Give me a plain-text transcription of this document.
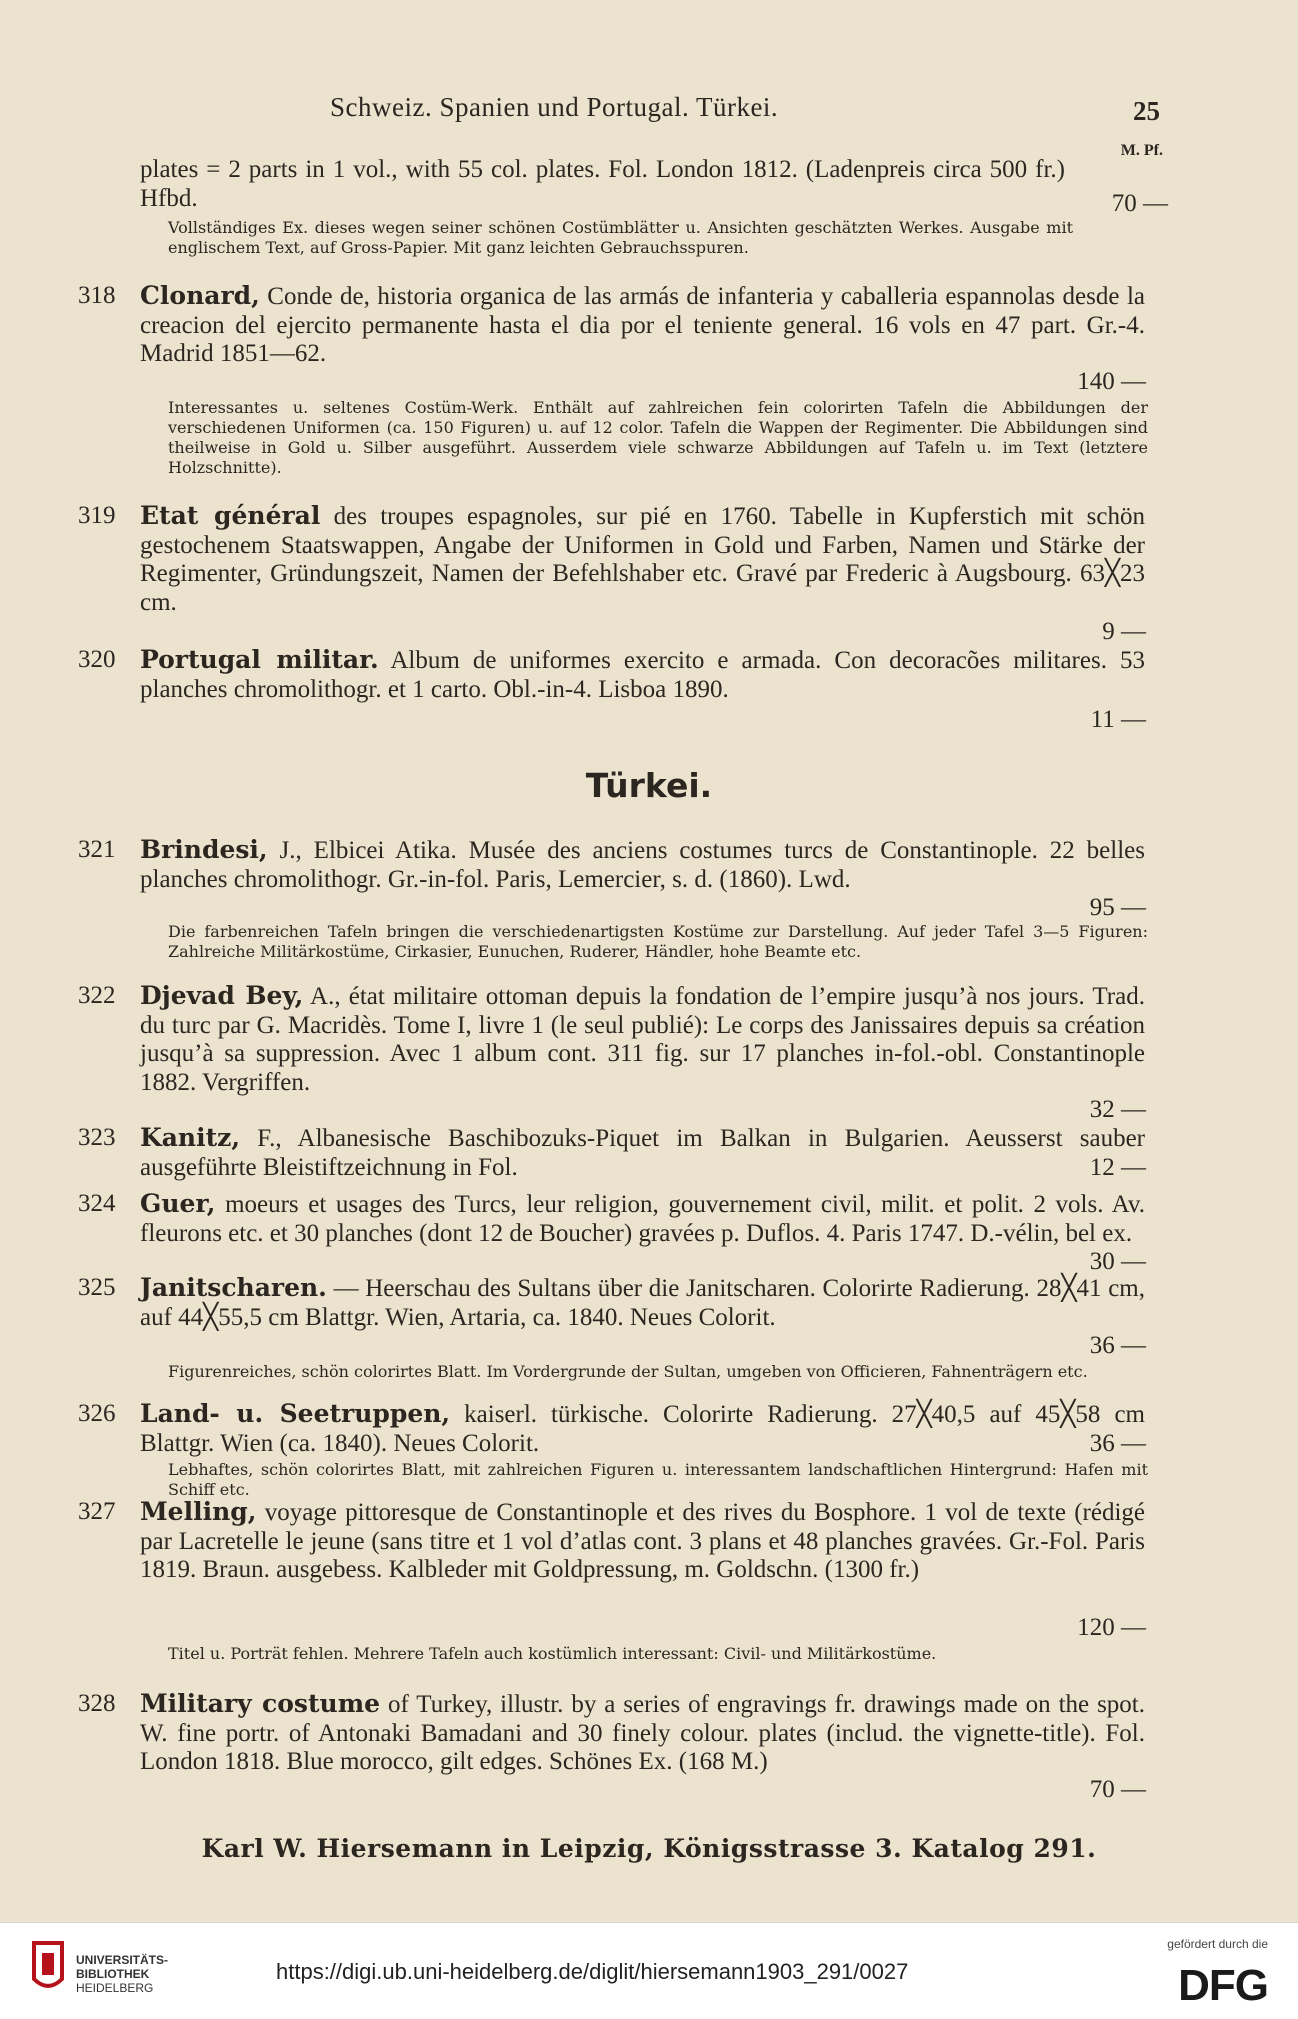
Schweiz. Spanien und Portugal. Türkei.	25
M. Pf.
plates = 2 parts in 1 vol., with 55 col. plates. Fol. London 1812. (Ladenpreis circa 500 fr.) Hfbd.	70 —
Vollständiges Ex. dieses wegen seiner schönen Costümblätter u. Ansichten geschätzten Werkes. Ausgabe mit englischem Text, auf Gross-Papier. Mit ganz leichten Gebrauchsspuren.
318 Clonard, Conde de, historia organica de las armás de infanteria y caballeria espannolas desde la creacion del ejercito permanente hasta el dia por el teniente general. 16 vols en 47 part. Gr.-4. Madrid 1851—62.
140 —
Interessantes u. seltenes Costüm-Werk. Enthält auf zahlreichen fein colorirten Tafeln die Abbildungen der verschiedenen Uniformen (ca. 150 Figuren) u. auf 12 color. Tafeln die Wappen der Regimenter. Die Abbildungen sind theilweise in Gold u. Silber ausgeführt. Ausserdem viele schwarze Abbildungen auf Tafeln u. im Text (letztere Holzschnitte).
319 Etat général des troupes espagnoles, sur pié en 1760. Tabelle in Kupferstich mit schön gestochenem Staatswappen, Angabe der Uniformen in Gold und Farben, Namen und Stärke der Regimenter, Gründungszeit, Namen der Befehlshaber etc. Gravé par Frederic à Augsbourg. 63╳23 cm.
9 —
320 Portugal militar. Album de uniformes exercito e armada. Con decoracões militares. 53 planches chromolithogr. et 1 carto. Obl.-in-4. Lisboa 1890.
11 —
Türkei.
321 Brindesi, J., Elbicei Atika. Musée des anciens costumes turcs de Constantinople. 22 belles planches chromolithogr. Gr.-in-fol. Paris, Lemercier, s. d. (1860). Lwd.
95 —
Die farbenreichen Tafeln bringen die verschiedenartigsten Kostüme zur Darstellung. Auf jeder Tafel 3—5 Figuren: Zahlreiche Militärkostüme, Cirkasier, Eunuchen, Ruderer, Händler, hohe Beamte etc.
322 Djevad Bey, A., état militaire ottoman depuis la fondation de l’empire jusqu’à nos jours. Trad. du turc par G. Macridès. Tome I, livre 1 (le seul publié): Le corps des Janissaires depuis sa création jusqu’à sa suppression. Avec 1 album cont. 311 fig. sur 17 planches in-fol.-obl. Constantinople 1882. Vergriffen.
32 —
323 Kanitz, F., Albanesische Baschibozuks-Piquet im Balkan in Bulgarien. Aeusserst sauber ausgeführte Bleistiftzeichnung in Fol.	12 —
324 Guer, moeurs et usages des Turcs, leur religion, gouvernement civil, milit. et polit. 2 vols. Av. fleurons etc. et 30 planches (dont 12 de Boucher) gravées p. Duflos. 4. Paris 1747. D.-vélin, bel ex.
30 —
325 Janitscharen. — Heerschau des Sultans über die Janitscharen. Colorirte Radierung. 28╳41 cm, auf 44╳55,5 cm Blattgr. Wien, Artaria, ca. 1840. Neues Colorit.
36 —
Figurenreiches, schön colorirtes Blatt. Im Vordergrunde der Sultan, umgeben von Officieren, Fahnenträgern etc.
326 Land- u. Seetruppen, kaiserl. türkische. Colorirte Radierung. 27╳40,5 auf 45╳58 cm Blattgr. Wien (ca. 1840). Neues Colorit.	36 —
Lebhaftes, schön colorirtes Blatt, mit zahlreichen Figuren u. interessantem landschaftlichen Hintergrund: Hafen mit Schiff etc.
327 Melling, voyage pittoresque de Constantinople et des rives du Bosphore. 1 vol de texte (rédigé par Lacretelle le jeune (sans titre et 1 vol d’atlas cont. 3 plans et 48 planches gravées. Gr.-Fol. Paris 1819. Braun. ausgebess. Kalbleder mit Goldpressung, m. Goldschn. (1300 fr.)
120 —
Titel u. Porträt fehlen. Mehrere Tafeln auch kostümlich interessant: Civil- und Militärkostüme.
328 Military costume of Turkey, illustr. by a series of engravings fr. drawings made on the spot. W. fine portr. of Antonaki Bamadani and 30 finely colour. plates (includ. the vignette-title). Fol. London 1818. Blue morocco, gilt edges. Schönes Ex. (168 M.)
70 —
Karl W. Hiersemann in Leipzig, Königsstrasse 3. Katalog 291.
UNIVERSITÄTS-
BIBLIOTHEK
HEIDELBERG
https://digi.ub.uni-heidelberg.de/diglit/hiersemann1903_291/0027
gefördert durch die
DFG
